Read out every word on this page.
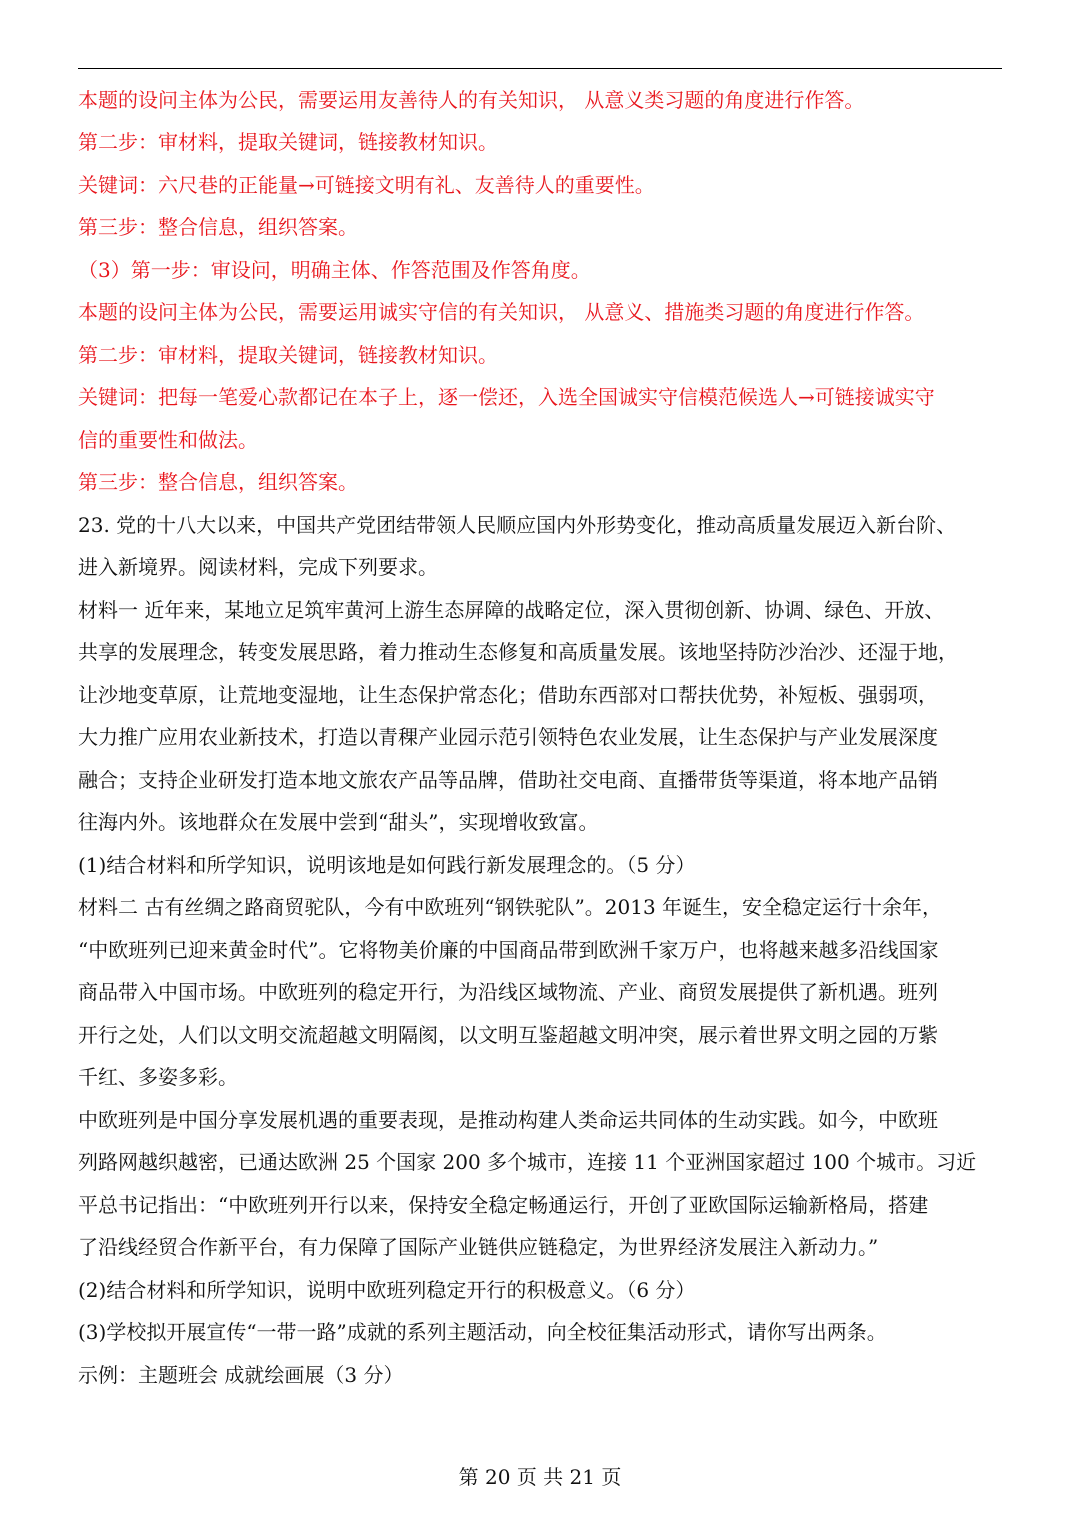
本题的设问主体为公民，需要运用友善待人的有关知识， 从意义类习题的角度进行作答。
第二步：审材料，提取关键词，链接教材知识。
关键词：六尺巷的正能量→可链接文明有礼、友善待人的重要性。
第三步：整合信息，组织答案。
（3）第一步：审设问，明确主体、作答范围及作答角度。
本题的设问主体为公民，需要运用诚实守信的有关知识， 从意义、措施类习题的角度进行作答。
第二步：审材料，提取关键词，链接教材知识。
关键词：把每一笔爱心款都记在本子上，逐一偿还，入选全国诚实守信模范候选人→可链接诚实守
信的重要性和做法。
第三步：整合信息，组织答案。
23. 党的十八大以来，中国共产党团结带领人民顺应国内外形势变化，推动高质量发展迈入新台阶、
进入新境界。阅读材料，完成下列要求。
材料一 近年来，某地立足筑牢黄河上游生态屏障的战略定位，深入贯彻创新、协调、绿色、开放、
共享的发展理念，转变发展思路，着力推动生态修复和高质量发展。该地坚持防沙治沙、还湿于地，
让沙地变草原，让荒地变湿地，让生态保护常态化；借助东西部对口帮扶优势，补短板、强弱项，
大力推广应用农业新技术，打造以青稞产业园示范引领特色农业发展，让生态保护与产业发展深度
融合；支持企业研发打造本地文旅农产品等品牌，借助社交电商、直播带货等渠道，将本地产品销
往海内外。该地群众在发展中尝到“甜头”，实现增收致富。
(1)结合材料和所学知识，说明该地是如何践行新发展理念的。（5 分）
材料二 古有丝绸之路商贸驼队，今有中欧班列“钢铁驼队”。2013 年诞生，安全稳定运行十余年，
“中欧班列已迎来黄金时代”。它将物美价廉的中国商品带到欧洲千家万户，也将越来越多沿线国家
商品带入中国市场。中欧班列的稳定开行，为沿线区域物流、产业、商贸发展提供了新机遇。班列
开行之处，人们以文明交流超越文明隔阂，以文明互鉴超越文明冲突，展示着世界文明之园的万紫
千红、多姿多彩。
中欧班列是中国分享发展机遇的重要表现，是推动构建人类命运共同体的生动实践。如今，中欧班
列路网越织越密，已通达欧洲 25 个国家 200 多个城市，连接 11 个亚洲国家超过 100 个城市。习近
平总书记指出：“中欧班列开行以来，保持安全稳定畅通运行，开创了亚欧国际运输新格局，搭建
了沿线经贸合作新平台，有力保障了国际产业链供应链稳定，为世界经济发展注入新动力。”
(2)结合材料和所学知识，说明中欧班列稳定开行的积极意义。（6 分）
(3)学校拟开展宣传“一带一路”成就的系列主题活动，向全校征集活动形式，请你写出两条。
示例：主题班会 成就绘画展（3 分）
第 20 页 共 21 页
